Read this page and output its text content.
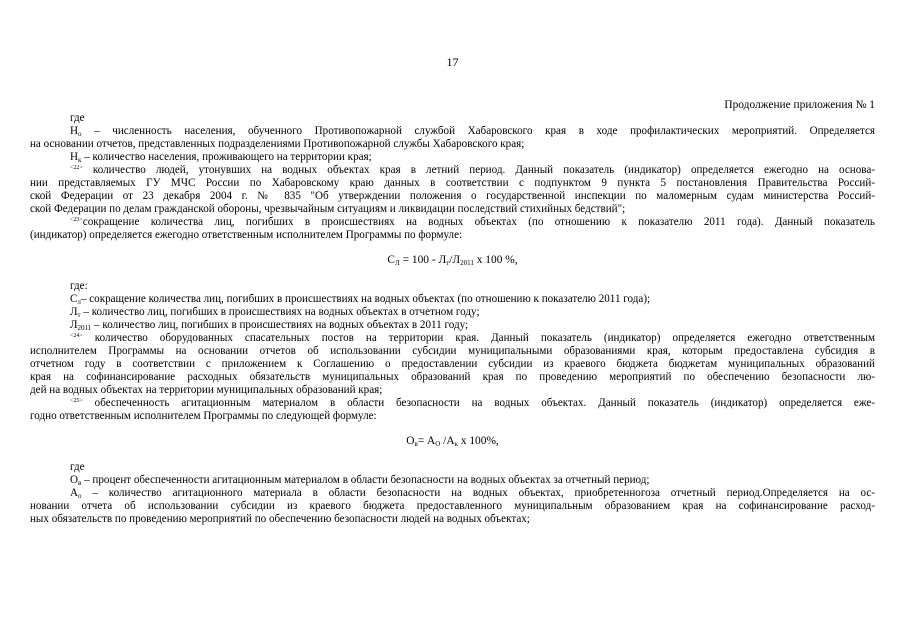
17
Продолжение приложения № 1
где
$Н_о$ – численность населения, обученного Противопожарной службой Хабаровского края в ходе профилактических мероприятий. Определяется
на основании отчетов, представленных подразделениями Противопожарной службы Хабаровского края;
$Н_к$ – количество населения, проживающего на территории края;
$^{<22>}$ количество людей, утонувших на водных объектах края в летний период. Данный показатель (индикатор) определяется ежегодно на основа-
нии представляемых ГУ МЧС России по Хабаровскому краю данных в соответствии с подпунктом 9 пункта 5 постановления Правительства Россий-
ской Федерации от 23 декабря 2004 г. № 835 "Об утверждении положения о государственной инспекции по маломерным судам министерства Россий-
ской Федерации по делам гражданской обороны, чрезвычайным ситуациям и ликвидации последствий стихийных бедствий";
$^{<23>}$сокращение количества лиц, погибших в происшествиях на водных объектах (по отношению к показателю 2011 года). Данный показатель
(индикатор) определяется ежегодно ответственным исполнителем Программы по формуле:
$С_Л = 100 - Л_т/Л_{2011}$ х 100 %,
где:
$С_л-$ сокращение количества лиц, погибших в происшествиях на водных объектах (по отношению к показателю 2011 года);
$Л_т$ – количество лиц, погибших в происшествиях на водных объектах в отчетном году;
$Л_{2011}$ – количество лиц, погибших в происшествиях на водных объектах в 2011 году;
$^{<24>}$ количество оборудованных спасательных постов на территории края. Данный показатель (индикатор) определяется ежегодно ответственным
исполнителем Программы на основании отчетов об использовании субсидии муниципальными образованиями края, которым предоставлена субсидия в
отчетном году в соответствии с приложением к Соглашению о предоставлении субсидии из краевого бюджета бюджетам муниципальных образований
края на софинансирование расходных обязательств муниципальных образований края по проведению мероприятий по обеспечению безопасности лю-
дей на водных объектах на территории муниципальных образований края;
$^{<25>}$ обеспеченность агитационным материалом в области безопасности на водных объектах. Данный показатель (индикатор) определяется еже-
годно ответственным исполнителем Программы по следующей формуле:
$О_в= А_О$ $/А_к$ х 100%,
где
$О_в$ – процент обеспеченности агитационным материалом в области безопасности на водных объектах за отчетный период;
$А_о$ – количество агитационного материала в области безопасности на водных объектах, приобретенногоза отчетный период.Определяется на ос-
новании отчета об использовании субсидии из краевого бюджета предоставленного муниципальным образованием края на софинансирование расход-
ных обязательств по проведению мероприятий по обеспечению безопасности людей на водных объектах;
